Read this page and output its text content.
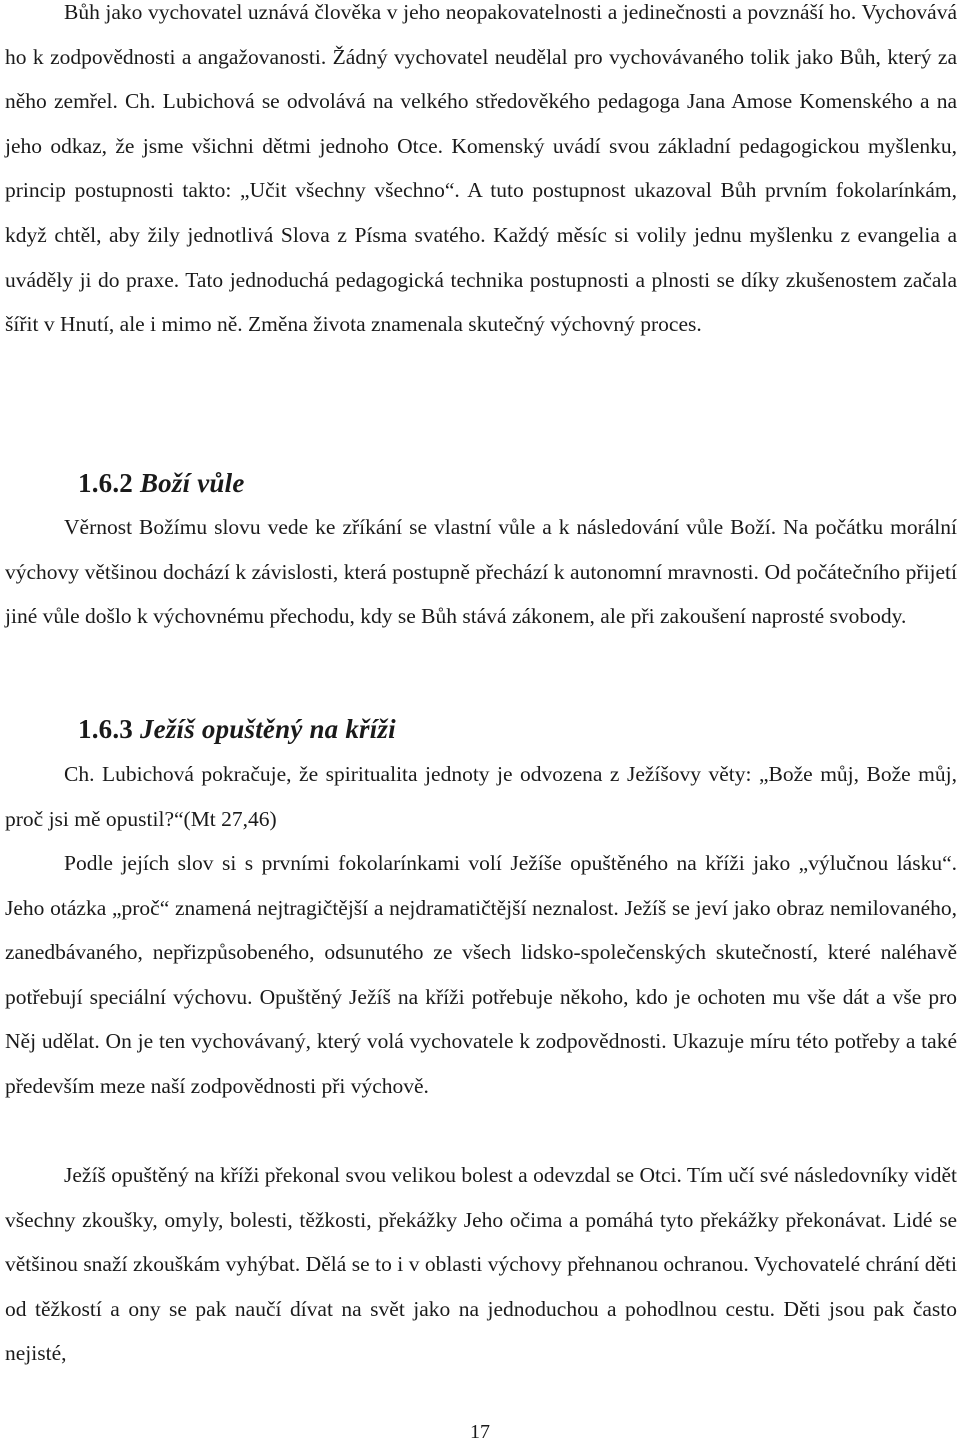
Bůh jako vychovatel uznává člověka v jeho neopakovatelnosti a jedinečnosti a povznáší ho. Vychovává ho k zodpovědnosti a angažovanosti. Žádný vychovatel neudělal pro vychovávaného tolik jako Bůh, který za něho zemřel. Ch. Lubichová se odvolává na velkého středověkého pedagoga Jana Amose Komenského a na jeho odkaz, že jsme všichni dětmi jednoho Otce. Komenský uvádí svou základní pedagogickou myšlenku, princip postupnosti takto: „Učit všechny všechno“. A tuto postupnost ukazoval Bůh prvním fokolarínkám, když chtěl, aby žily jednotlivá Slova z Písma svatého. Každý měsíc si volily jednu myšlenku z evangelia a uváděly ji do praxe. Tato jednoduchá pedagogická technika postupnosti a plnosti se díky zkušenostem začala šířit v Hnutí, ale i mimo ně. Změna života znamenala skutečný výchovný proces.

1.6.2 Boží vůle

Věrnost Božímu slovu vede ke zříkání se vlastní vůle a k následování vůle Boží. Na počátku morální výchovy většinou dochází k závislosti, která postupně přechází k autonomní mravnosti. Od počátečního přijetí jiné vůle došlo k výchovnému přechodu, kdy se Bůh stává zákonem, ale při zakoušení naprosté svobody.

1.6.3 Ježíš opuštěný na kříži

Ch. Lubichová pokračuje, že spiritualita jednoty je odvozena z Ježíšovy věty: „Bože můj, Bože můj, proč jsi mě opustil?“(Mt 27,46)

Podle jejích slov si s prvními fokolarínkami volí Ježíše opuštěného na kříži jako „výlučnou lásku“. Jeho otázka „proč“ znamená nejtragičtější a nejdramatičtější neznalost. Ježíš se jeví jako obraz nemilovaného, zanedbávaného, nepřizpůsobeného, odsunutého ze všech lidsko-společenských skutečností, které naléhavě potřebují speciální výchovu. Opuštěný Ježíš na kříži potřebuje někoho, kdo je ochoten mu vše dát a vše pro Něj udělat. On je ten vychovávaný, který volá vychovatele k zodpovědnosti. Ukazuje míru této potřeby a také především meze naší zodpovědnosti při výchově.

Ježíš opuštěný na kříži překonal svou velikou bolest a odevzdal se Otci. Tím učí své následovníky vidět všechny zkoušky, omyly, bolesti, těžkosti, překážky Jeho očima a pomáhá tyto překážky překonávat. Lidé se většinou snaží zkouškám vyhýbat. Dělá se to i v oblasti výchovy přehnanou ochranou. Vychovatelé chrání děti od těžkostí a ony se pak naučí dívat na svět jako na jednoduchou a pohodlnou cestu. Děti jsou pak často nejisté,

17
